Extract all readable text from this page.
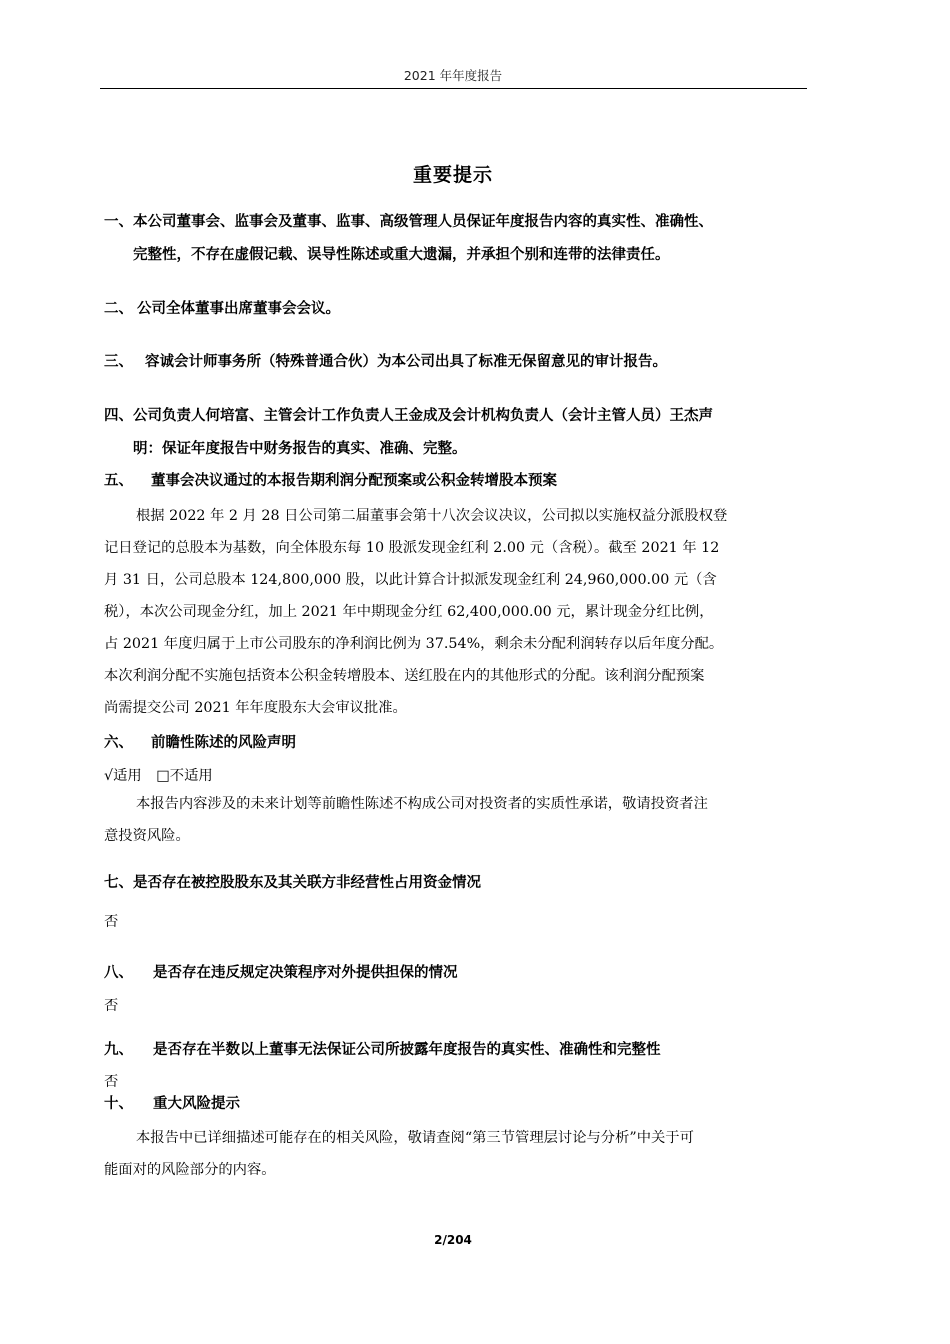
2021 年年度报告
重要提示
一、本公司董事会、监事会及董事、监事、高级管理人员保证年度报告内容的真实性、准确性、
完整性，不存在虚假记载、误导性陈述或重大遗漏，并承担个别和连带的法律责任。
二、 公司全体董事出席董事会会议。
三、 容诚会计师事务所（特殊普通合伙）为本公司出具了标准无保留意见的审计报告。
四、公司负责人何培富、主管会计工作负责人王金成及会计机构负责人（会计主管人员）王杰声
明：保证年度报告中财务报告的真实、准确、完整。
五、 董事会决议通过的本报告期利润分配预案或公积金转增股本预案

根据 2022 年 2 月 28 日公司第二届董事会第十八次会议决议，公司拟以实施权益分派股权登

记日登记的总股本为基数，向全体股东每 10 股派发现金红利 2.00 元（含税）。截至 2021 年 12

月 31 日，公司总股本 124,800,000 股，以此计算合计拟派发现金红利 24,960,000.00 元（含

税），本次公司现金分红，加上 2021 年中期现金分红 62,400,000.00 元，累计现金分红比例，

占 2021 年度归属于上市公司股东的净利润比例为 37.54%，剩余未分配利润转存以后年度分配。

本次利润分配不实施包括资本公积金转增股本、送红股在内的其他形式的分配。该利润分配预案

尚需提交公司 2021 年年度股东大会审议批准。

六、 前瞻性陈述的风险声明
√适用 □不适用

本报告内容涉及的未来计划等前瞻性陈述不构成公司对投资者的实质性承诺，敬请投资者注

意投资风险。

七、是否存在被控股股东及其关联方非经营性占用资金情况
否
八、 是否存在违反规定决策程序对外提供担保的情况
否
九、 是否存在半数以上董事无法保证公司所披露年度报告的真实性、准确性和完整性
否
十、 重大风险提示

本报告中已详细描述可能存在的相关风险，敬请查阅“第三节管理层讨论与分析”中关于可

能面对的风险部分的内容。

2/204
